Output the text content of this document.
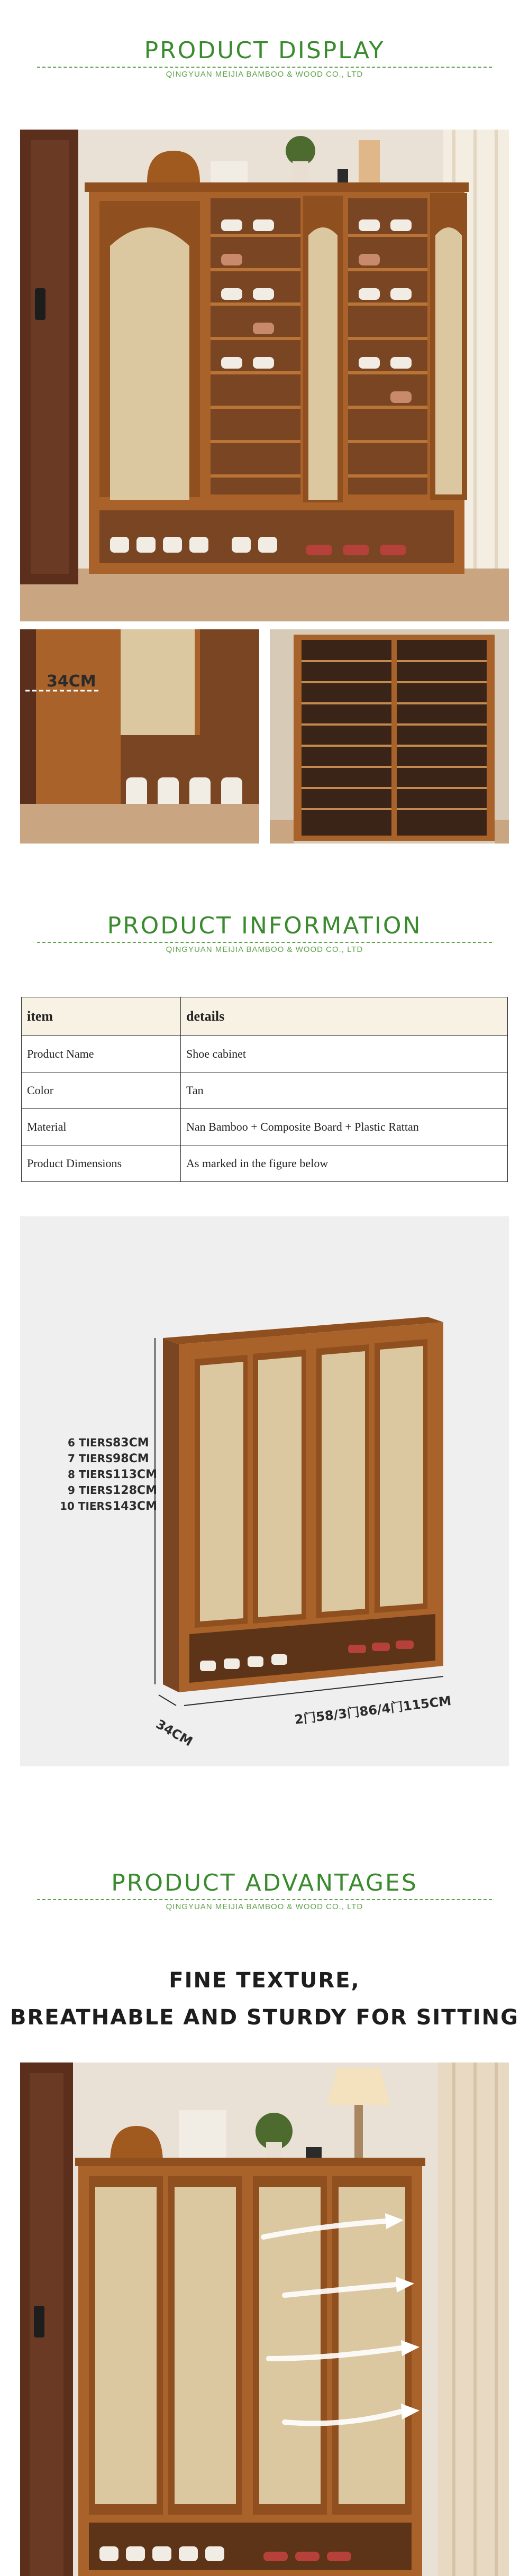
PRODUCT DISPLAY
QINGYUAN MEIJIA BAMBOO & WOOD CO., LTD
34CM
PRODUCT INFORMATION
QINGYUAN MEIJIA BAMBOO & WOOD CO., LTD
item	details
Product Name	Shoe cabinet
Color	Tan
Material	Nan Bamboo + Composite Board + Plastic Rattan
Product Dimensions	As marked in the figure below
6 TIERS 83CM
7 TIERS 98CM
8 TIERS 113CM
9 TIERS 128CM
10 TIERS 143CM
34CM
2门58/3门86/4门115CM
PRODUCT ADVANTAGES
QINGYUAN MEIJIA BAMBOO & WOOD CO., LTD
FINE TEXTURE,
BREATHABLE AND STURDY FOR SITTING
